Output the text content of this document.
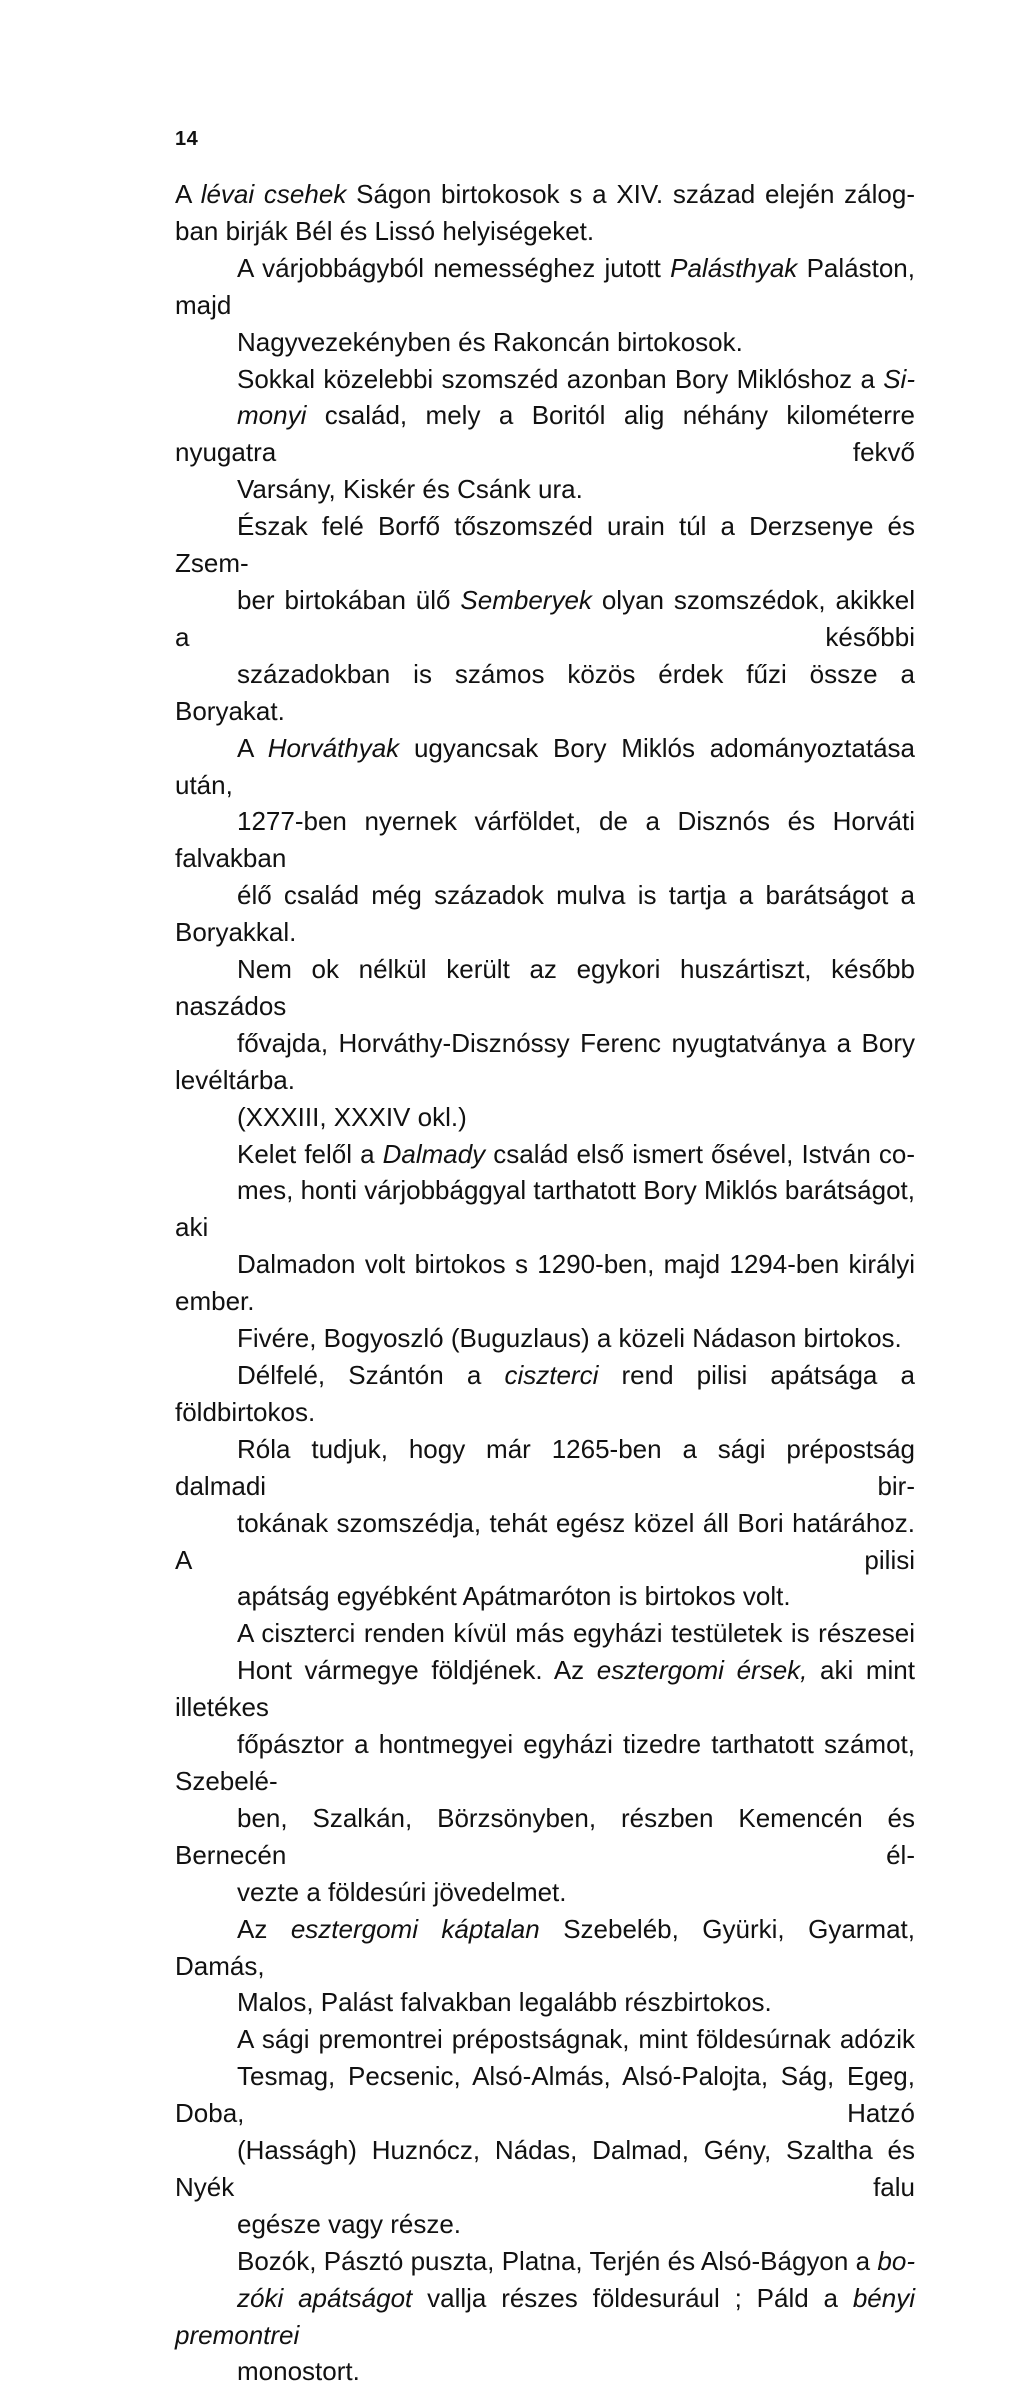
14
A lévai csehek Ságon birtokosok s a XIV. század elején zálog-
ban birják Bél és Lissó helyiségeket.
A várjobbágyból nemességhez jutott Palásthyak Paláston, majd
Nagyvezekényben és Rakoncán birtokosok.
Sokkal közelebbi szomszéd azonban Bory Miklóshoz a Si-
monyi család, mely a Boritól alig néhány kilométerre nyugatra fekvő
Varsány, Kiskér és Csánk ura.
Észak felé Borfő tőszomszéd urain túl a Derzsenye és Zsem-
ber birtokában ülő Semberyek olyan szomszédok, akikkel a későbbi
századokban is számos közös érdek fűzi össze a Boryakat.
A Horváthyak ugyancsak Bory Miklós adományoztatása után,
1277-ben nyernek várföldet, de a Disznós és Horváti falvakban
élő család még századok mulva is tartja a barátságot a Boryakkal.
Nem ok nélkül került az egykori huszártiszt, később naszádos
fővajda, Horváthy-Disznóssy Ferenc nyugtatványa a Bory levéltárba.
(XXXIII, XXXIV okl.)
Kelet felől a Dalmady család első ismert ősével, István co-
mes, honti várjobbággyal tarthatott Bory Miklós barátságot, aki
Dalmadon volt birtokos s 1290-ben, majd 1294-ben királyi ember.
Fivére, Bogyoszló (Buguzlaus) a közeli Nádason birtokos.
Délfelé, Szántón a ciszterci rend pilisi apátsága a földbirtokos.
Róla tudjuk, hogy már 1265-ben a sági prépostság dalmadi bir-
tokának szomszédja, tehát egész közel áll Bori határához. A pilisi
apátság egyébként Apátmaróton is birtokos volt.
A ciszterci renden kívül más egyházi testületek is részesei
Hont vármegye földjének. Az esztergomi érsek, aki mint illetékes
főpásztor a hontmegyei egyházi tizedre tarthatott számot, Szebelé-
ben, Szalkán, Börzsönyben, részben Kemencén és Bernecén él-
vezte a földesúri jövedelmet.
Az esztergomi káptalan Szebeléb, Gyürki, Gyarmat, Damás,
Malos, Palást falvakban legalább részbirtokos.
A sági premontrei prépostságnak, mint földesúrnak adózik
Tesmag, Pecsenic, Alsó-Almás, Alsó-Palojta, Ság, Egeg, Doba, Hatzó
(Hasságh) Huznócz, Nádas, Dalmad, Gény, Szaltha és Nyék falu
egésze vagy része.
Bozók, Pásztó puszta, Platna, Terjén és Alsó-Bágyon a bo-
zóki apátságot vallja részes földesurául ; Páld a bényi premontrei
monostort.
